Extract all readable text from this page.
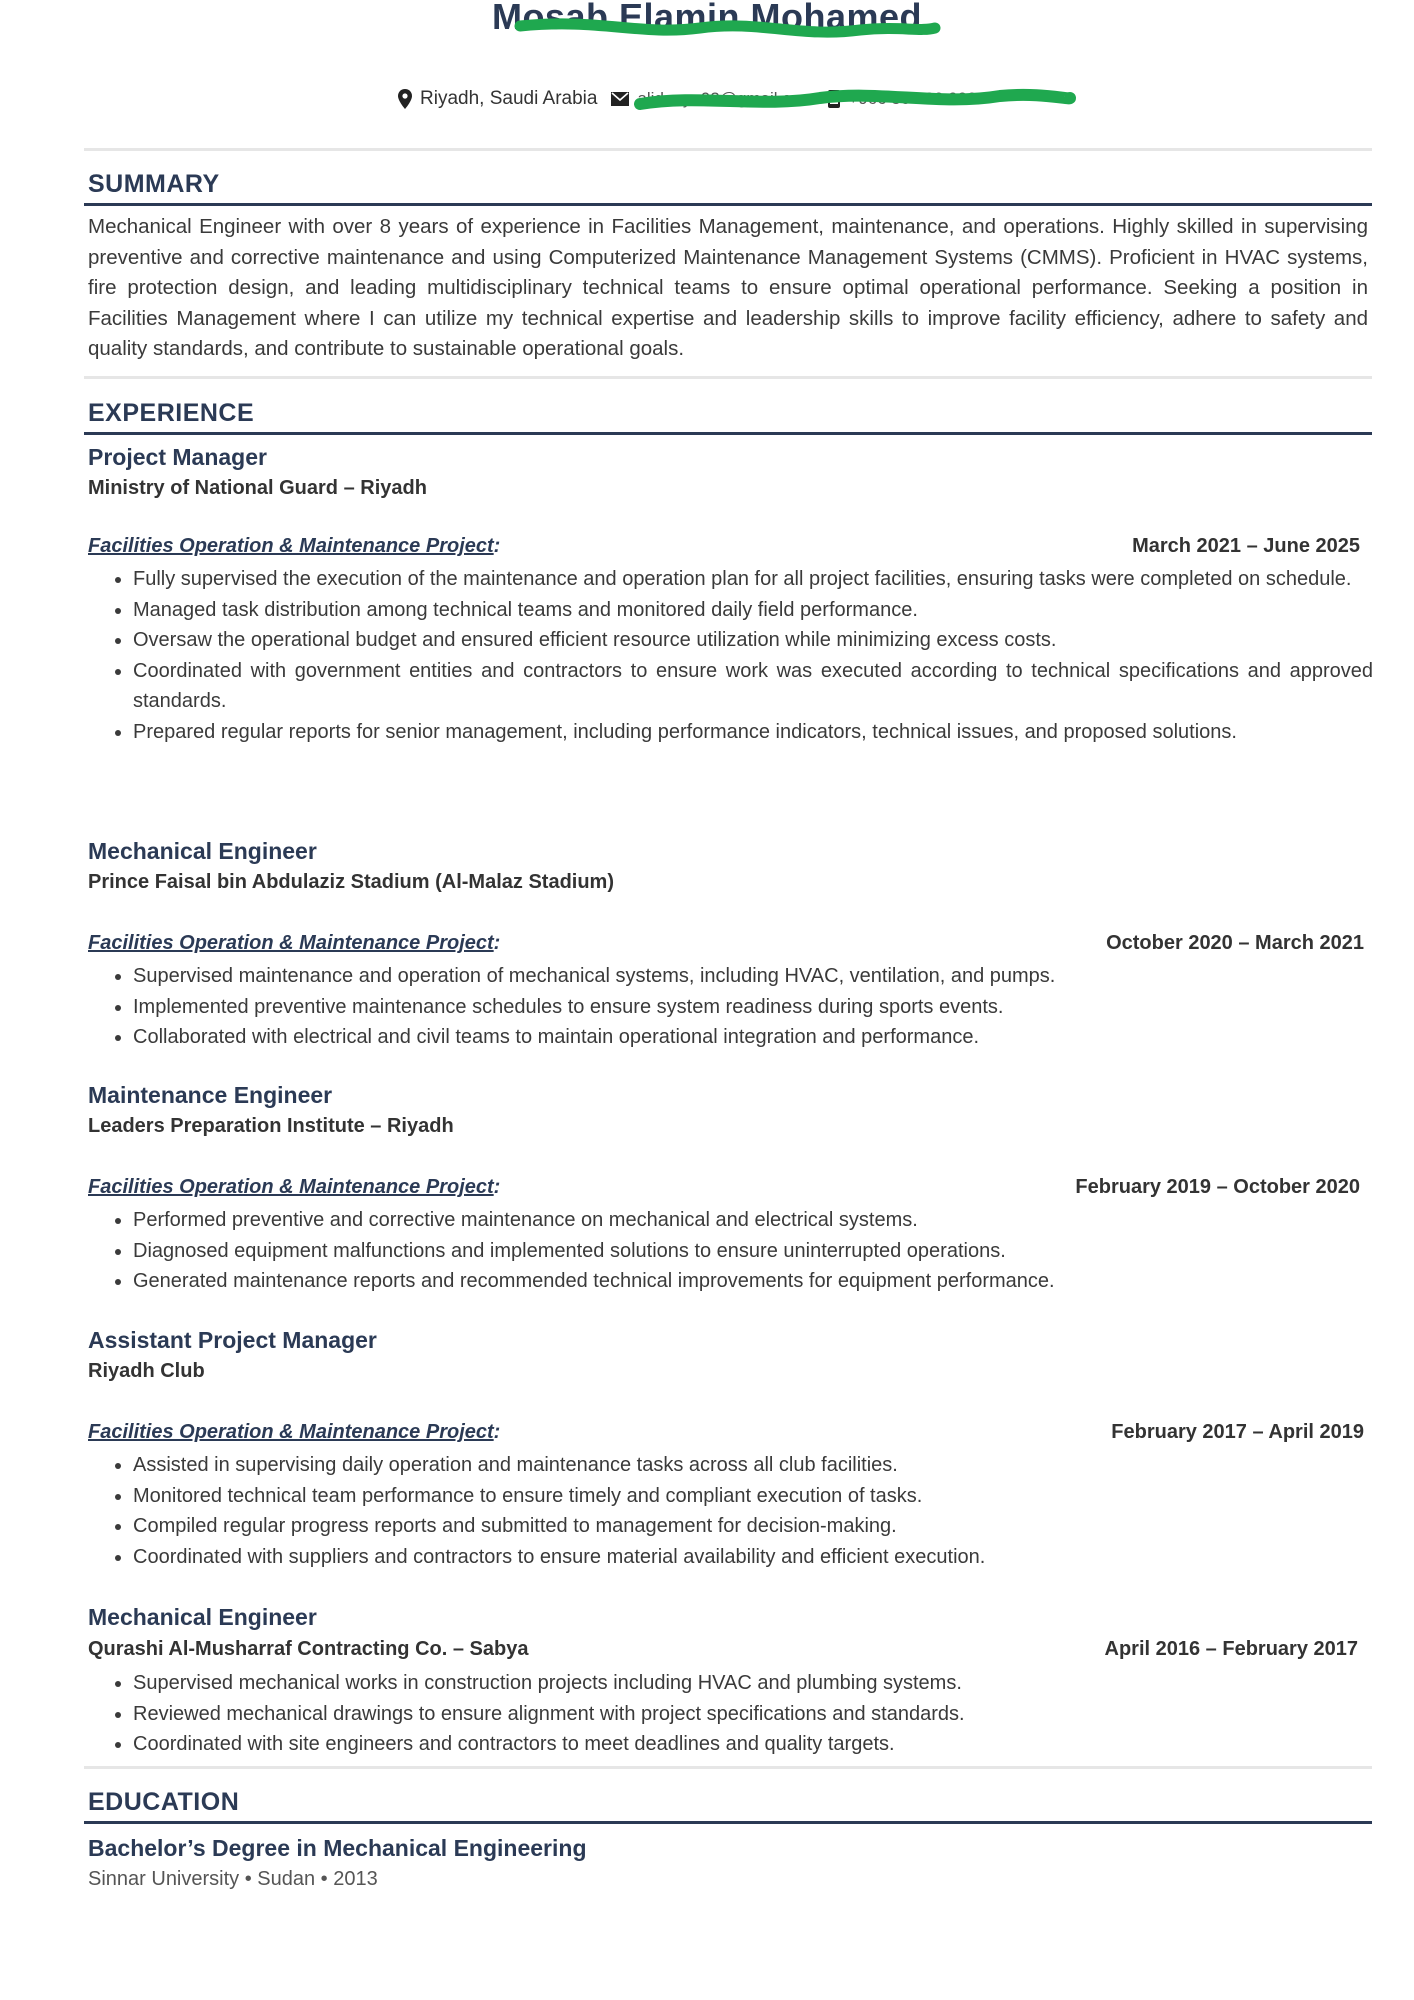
Mosab Elamin Mohamed
Riyadh, Saudi Arabia alidaeyo02@gmail.com +966 50 000 0000
SUMMARY
Mechanical Engineer with over 8 years of experience in Facilities Management, maintenance, and operations. Highly skilled in supervising preventive and corrective maintenance and using Computerized Maintenance Management Systems (CMMS). Proficient in HVAC systems, fire protection design, and leading multidisciplinary technical teams to ensure optimal operational performance. Seeking a position in Facilities Management where I can utilize my technical expertise and leadership skills to improve facility efficiency, adhere to safety and quality standards, and contribute to sustainable operational goals.
EXPERIENCE
Project Manager
Ministry of National Guard – Riyadh
Facilities Operation & Maintenance Project:	March 2021 – June 2025
• Fully supervised the execution of the maintenance and operation plan for all project facilities, ensuring tasks were completed on schedule.
• Managed task distribution among technical teams and monitored daily field performance.
• Oversaw the operational budget and ensured efficient resource utilization while minimizing excess costs.
• Coordinated with government entities and contractors to ensure work was executed according to technical specifications and approved standards.
• Prepared regular reports for senior management, including performance indicators, technical issues, and proposed solutions.
Mechanical Engineer
Prince Faisal bin Abdulaziz Stadium (Al-Malaz Stadium)
Facilities Operation & Maintenance Project:	October 2020 – March 2021
• Supervised maintenance and operation of mechanical systems, including HVAC, ventilation, and pumps.
• Implemented preventive maintenance schedules to ensure system readiness during sports events.
• Collaborated with electrical and civil teams to maintain operational integration and performance.
Maintenance Engineer
Leaders Preparation Institute – Riyadh
Facilities Operation & Maintenance Project:	February 2019 – October 2020
• Performed preventive and corrective maintenance on mechanical and electrical systems.
• Diagnosed equipment malfunctions and implemented solutions to ensure uninterrupted operations.
• Generated maintenance reports and recommended technical improvements for equipment performance.
Assistant Project Manager
Riyadh Club
Facilities Operation & Maintenance Project:	February 2017 – April 2019
• Assisted in supervising daily operation and maintenance tasks across all club facilities.
• Monitored technical team performance to ensure timely and compliant execution of tasks.
• Compiled regular progress reports and submitted to management for decision-making.
• Coordinated with suppliers and contractors to ensure material availability and efficient execution.
Mechanical Engineer
Qurashi Al-Musharraf Contracting Co. – Sabya	April 2016 – February 2017
• Supervised mechanical works in construction projects including HVAC and plumbing systems.
• Reviewed mechanical drawings to ensure alignment with project specifications and standards.
• Coordinated with site engineers and contractors to meet deadlines and quality targets.
EDUCATION
Bachelor’s Degree in Mechanical Engineering
Sinnar University • Sudan • 2013
